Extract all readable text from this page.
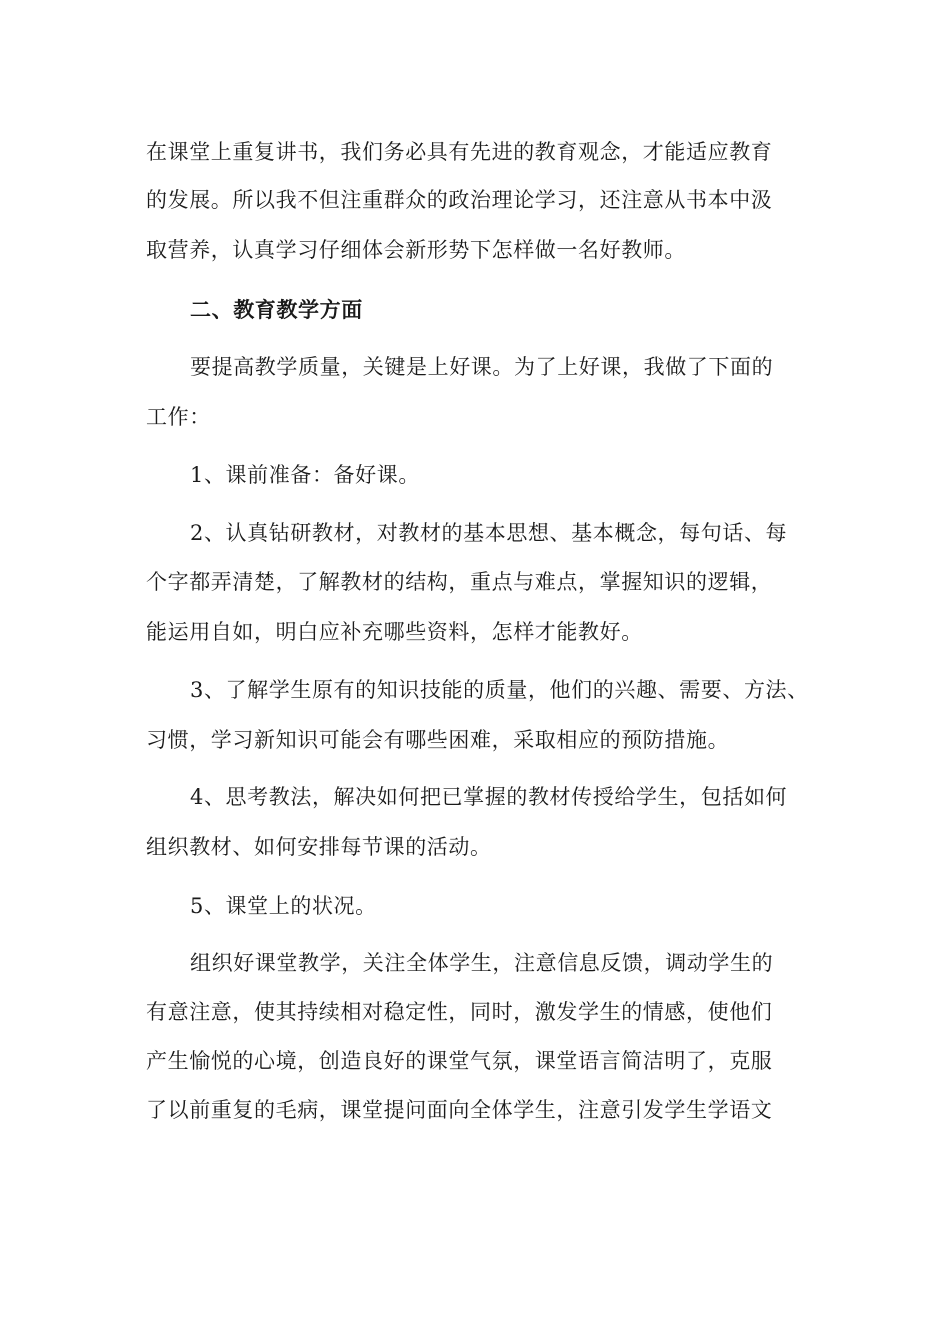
在课堂上重复讲书，我们务必具有先进的教育观念，才能适应教育
的发展。所以我不但注重群众的政治理论学习，还注意从书本中汲
取营养，认真学习仔细体会新形势下怎样做一名好教师。
二、教育教学方面
要提高教学质量，关键是上好课。为了上好课，我做了下面的
工作：
1、课前准备：备好课。
2、认真钻研教材，对教材的基本思想、基本概念，每句话、每
个字都弄清楚，了解教材的结构，重点与难点，掌握知识的逻辑，
能运用自如，明白应补充哪些资料，怎样才能教好。
3、了解学生原有的知识技能的质量，他们的兴趣、需要、方法、
习惯，学习新知识可能会有哪些困难，采取相应的预防措施。
4、思考教法，解决如何把已掌握的教材传授给学生，包括如何
组织教材、如何安排每节课的活动。
5、课堂上的状况。
组织好课堂教学，关注全体学生，注意信息反馈，调动学生的
有意注意，使其持续相对稳定性，同时，激发学生的情感，使他们
产生愉悦的心境，创造良好的课堂气氛，课堂语言简洁明了，克服
了以前重复的毛病，课堂提问面向全体学生，注意引发学生学语文
